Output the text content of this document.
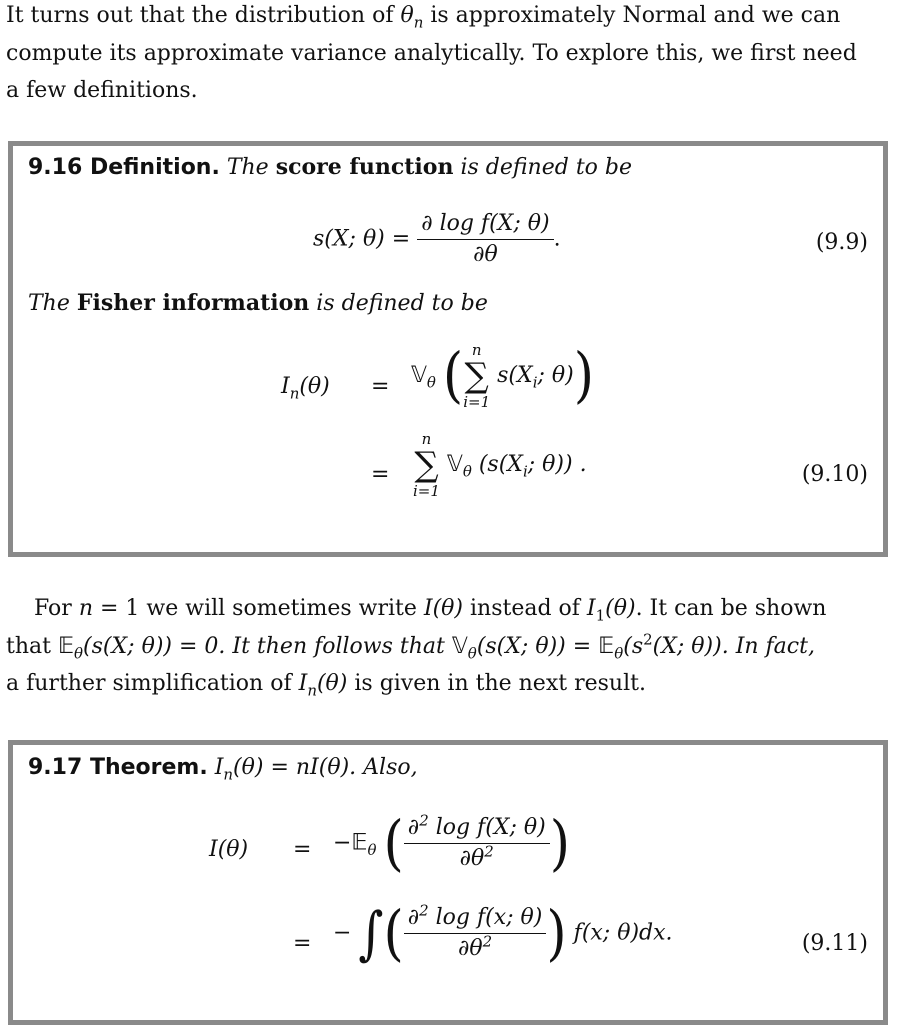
It turns out that the distribution of ^ $\theta_n$ is approximately Normal and we can
compute its approximate variance analytically. To explore this, we first need
a few definitions.
9.16 Definition. The score function is defined to be
s(X; $\theta) = \frac{\text{∂ log f(X; θ)}}{\partial\theta}$ .	(9.9)
The Fisher information is defined to be
$I_n(\theta)$ = 𝕍$_\theta$ ( n
∑
i=1
$s(X_i$; θ))
=
n
∑
i=1
𝕍$_\theta$ ($s(X_i$; θ)) .	(9.10)
For n = 1 we will sometimes write I(θ) instead of $I_1(\theta)$. It can be shown
that 𝔼$_\theta$(s(X; θ)) = 0. It then follows that 𝕍$_\theta$(s(X; $\theta)) = 𝔼_\theta(s^2(X$; θ)). In fact,
a further simplification of $I_n(\theta)$ is given in the next result.
9.17 Theorem. $I_n(\theta) = nI(\theta)$. Also,
I(θ) = −𝔼$_\theta$ ( $\frac{\partial^2 \log f(X; \theta)}{\partial\theta^2}$ )
= − ∫( $\frac{\partial^2 \log f(x; \theta)}{\partial\theta^2}$ ) f(x; θ)dx.	(9.11)
